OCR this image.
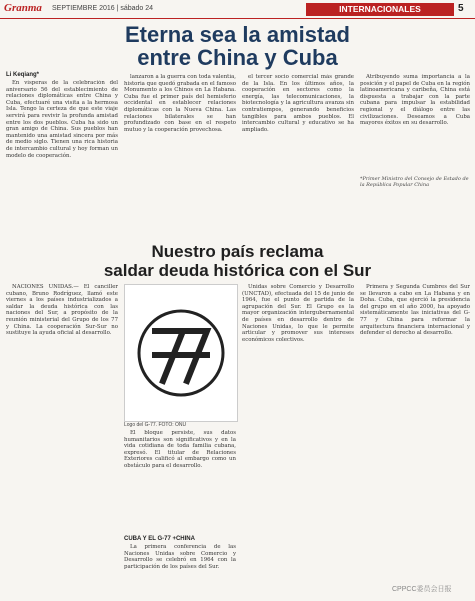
Granma SEPTIEMBRE 2016 | sábado 24	INTERNACIONALES	5
Eterna sea la amistad
entre China y Cuba
Li Keqiang*

En vísperas de la celebración del aniversario 56 del establecimiento de relaciones diplomáticas entre China y Cuba, efectuaré una visita a la hermosa Isla. Tengo la certeza de que este viaje servirá para revivir la profunda amistad entre los dos pueblos. Cuba ha sido un gran amigo de China. Sus pueblos han mantenido una amistad sincera por más de medio siglo. Tienen una rica historia de intercambio cultural y hoy forman un modelo de cooperación.

lanzaron a la guerra con toda valentía, historia que quedó grabada en el famoso Monumento a los Chinos en La Habana. Cuba fue el primer país del hemisferio occidental en establecer relaciones diplomáticas con la Nueva China. Las relaciones bilaterales se han profundizado con base en el respeto mutuo y la cooperación provechosa.

el tercer socio comercial más grande de la Isla. En los últimos años, la cooperación en sectores como la energía, las telecomunicaciones, la biotecnología y la agricultura avanza sin contratiempos, generando beneficios tangibles para ambos pueblos. El intercambio cultural y educativo se ha ampliado.

Atribuyendo suma importancia a la posición y el papel de Cuba en la región latinoamericana y caribeña, China está dispuesta a trabajar con la parte cubana para impulsar la estabilidad regional y el diálogo entre las civilizaciones. Deseamos a Cuba mayores éxitos en su desarrollo.

*Primer Ministro del Consejo de Estado de la República Popular China
Nuestro país reclama
saldar deuda histórica con el Sur

NACIONES UNIDAS.— El canciller cubano, Bruno Rodríguez, llamó este viernes a los países industrializados a saldar la deuda histórica con las naciones del Sur, a propósito de la reunión ministerial del Grupo de los 77 y China. La cooperación Sur-Sur no sustituye la ayuda oficial al desarrollo.

Logo del G-77. FOTO: ONU

El bloque persiste, sus datos humanitarios son significativos y en la vida cotidiana de toda familia cubana, expresó. El titular de Relaciones Exteriores calificó al embargo como un obstáculo para el desarrollo.

CUBA Y EL G-77 +CHINA

La primera conferencia de las Naciones Unidas sobre Comercio y Desarrollo se celebró en 1964 con la participación de los países del Sur.

Unidas sobre Comercio y Desarrollo (UNCTAD), efectuada del 15 de junio de 1964, fue el punto de partida de la agrupación del Sur. El Grupo es la mayor organización intergubernamental de países en desarrollo dentro de Naciones Unidas, lo que le permite articular y promover sus intereses económicos colectivos.

Primera y Segunda Cumbres del Sur se llevaron a cabo en La Habana y en Doha. Cuba, que ejerció la presidencia del grupo en el año 2000, ha apoyado sistemáticamente las iniciativas del G-77 y China para reformar la arquitectura financiera internacional y defender el derecho al desarrollo.

CPPCC委员会日报
